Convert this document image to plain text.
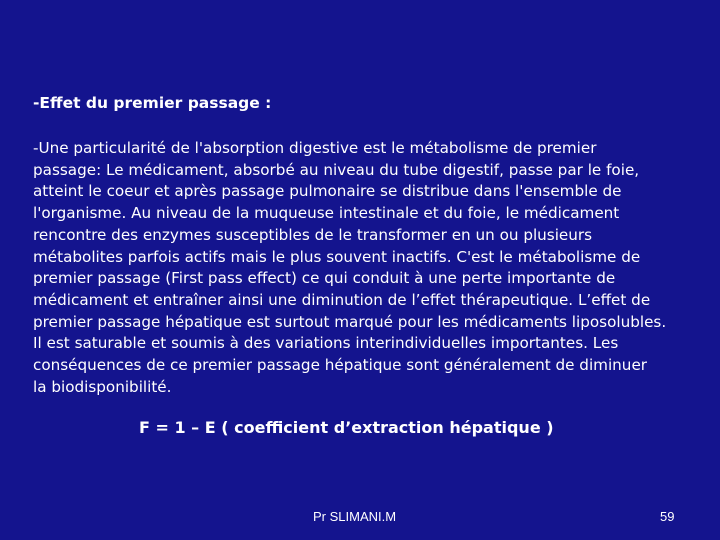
-Effet du premier passage :
-Une particularité de l'absorption digestive est le métabolisme de premier
passage: Le médicament, absorbé au niveau du tube digestif, passe par le foie,
atteint le coeur et après passage pulmonaire se distribue dans l'ensemble de
l'organisme. Au niveau de la muqueuse intestinale et du foie, le médicament
rencontre des enzymes susceptibles de le transformer en un ou plusieurs
métabolites parfois actifs mais le plus souvent inactifs. C'est le métabolisme de
premier passage (First pass effect) ce qui conduit à une perte importante de
médicament et entraîner ainsi une diminution de l’effet thérapeutique. L’effet de
premier passage hépatique est surtout marqué pour les médicaments liposolubles.
Il est saturable et soumis à des variations interindividuelles importantes. Les
conséquences de ce premier passage hépatique sont généralement de diminuer
la biodisponibilité.
F = 1 – E ( coefficient d’extraction hépatique )
Pr SLIMANI.M	59
